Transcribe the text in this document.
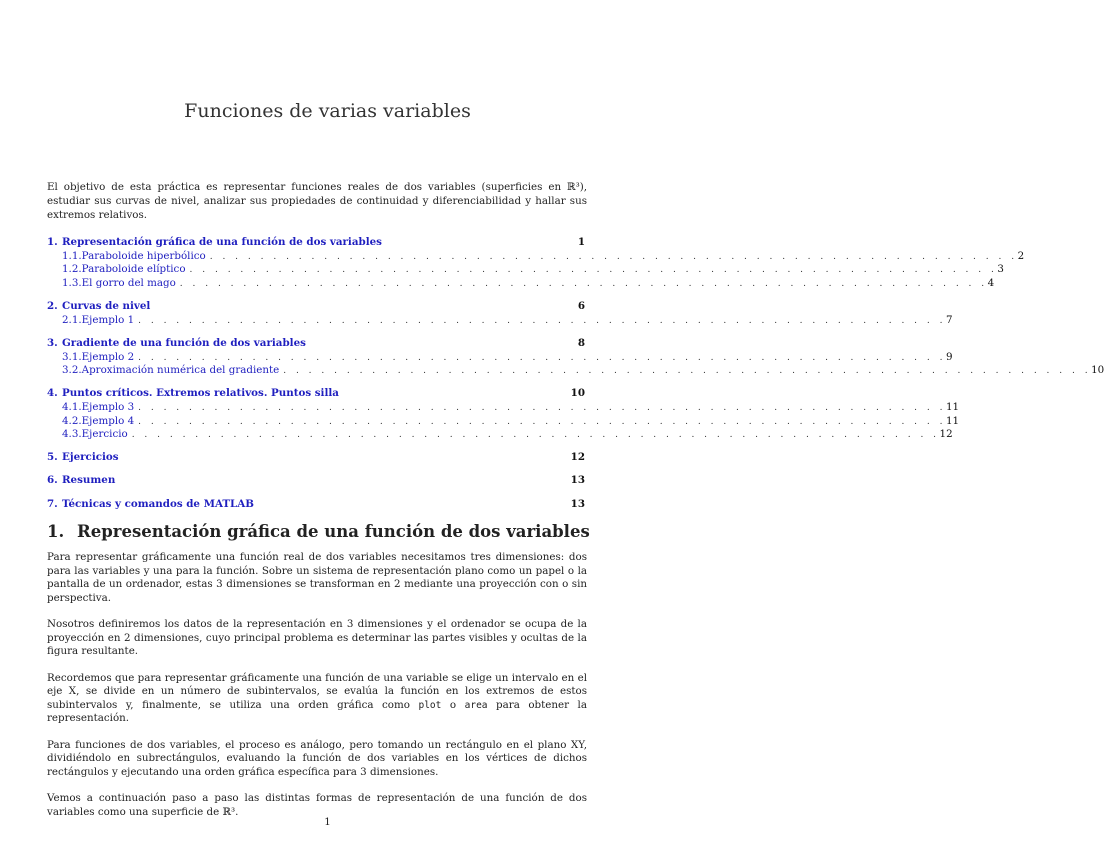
Funciones de varias variables
El objetivo de esta práctica es representar funciones reales de dos variables (superficies en ℝ³), estudiar sus curvas de nivel, analizar sus propiedades de continuidad y diferenciabilidad y hallar sus extremos relativos.
1. Representación gráfica de una función de dos variables	1
1.1. Paraboloide hiperbólico . . . . . . . . . . . . . . . . . . . . . . . . . . . . . . . . . . . . . . . . . . . . . . . . . . . . . . . . . . . . . . . . 2
1.2. Paraboloide elíptico . . . . . . . . . . . . . . . . . . . . . . . . . . . . . . . . . . . . . . . . . . . . . . . . . . . . . . . . . . . . . . . . 3
1.3. El gorro del mago . . . . . . . . . . . . . . . . . . . . . . . . . . . . . . . . . . . . . . . . . . . . . . . . . . . . . . . . . . . . . . . . 4
2. Curvas de nivel	6
2.1. Ejemplo 1 . . . . . . . . . . . . . . . . . . . . . . . . . . . . . . . . . . . . . . . . . . . . . . . . . . . . . . . . . . . . . . . . 7
3. Gradiente de una función de dos variables	8
3.1. Ejemplo 2 . . . . . . . . . . . . . . . . . . . . . . . . . . . . . . . . . . . . . . . . . . . . . . . . . . . . . . . . . . . . . . . . 9
3.2. Aproximación numérica del gradiente . . . . . . . . . . . . . . . . . . . . . . . . . . . . . . . . . . . . . . . . . . . . . . . . . . . . . . . . . . . . . . . . 10
4. Puntos críticos. Extremos relativos. Puntos silla	10
4.1. Ejemplo 3 . . . . . . . . . . . . . . . . . . . . . . . . . . . . . . . . . . . . . . . . . . . . . . . . . . . . . . . . . . . . . . . . 11
4.2. Ejemplo 4 . . . . . . . . . . . . . . . . . . . . . . . . . . . . . . . . . . . . . . . . . . . . . . . . . . . . . . . . . . . . . . . . 11
4.3. Ejercicio . . . . . . . . . . . . . . . . . . . . . . . . . . . . . . . . . . . . . . . . . . . . . . . . . . . . . . . . . . . . . . . . 12
5. Ejercicios	12
6. Resumen	13
7. Técnicas y comandos de MATLAB	13
1. Representación gráfica de una función de dos variables

Para representar gráficamente una función real de dos variables necesitamos tres dimensiones: dos para las variables y una para la función. Sobre un sistema de representación plano como un papel o la pantalla de un ordenador, estas 3 dimensiones se transforman en 2 mediante una proyección con o sin perspectiva.

Nosotros definiremos los datos de la representación en 3 dimensiones y el ordenador se ocupa de la proyección en 2 dimensiones, cuyo principal problema es determinar las partes visibles y ocultas de la figura resultante.

Recordemos que para representar gráficamente una función de una variable se elige un intervalo en el eje X, se divide en un número de subintervalos, se evalúa la función en los extremos de estos subintervalos y, finalmente, se utiliza una orden gráfica como plot o area para obtener la representación.

Para funciones de dos variables, el proceso es análogo, pero tomando un rectángulo en el plano XY, dividiéndolo en subrectángulos, evaluando la función de dos variables en los vértices de dichos rectángulos y ejecutando una orden gráfica específica para 3 dimensiones.

Vemos a continuación paso a paso las distintas formas de representación de una función de dos variables como una superficie de ℝ³.

1
